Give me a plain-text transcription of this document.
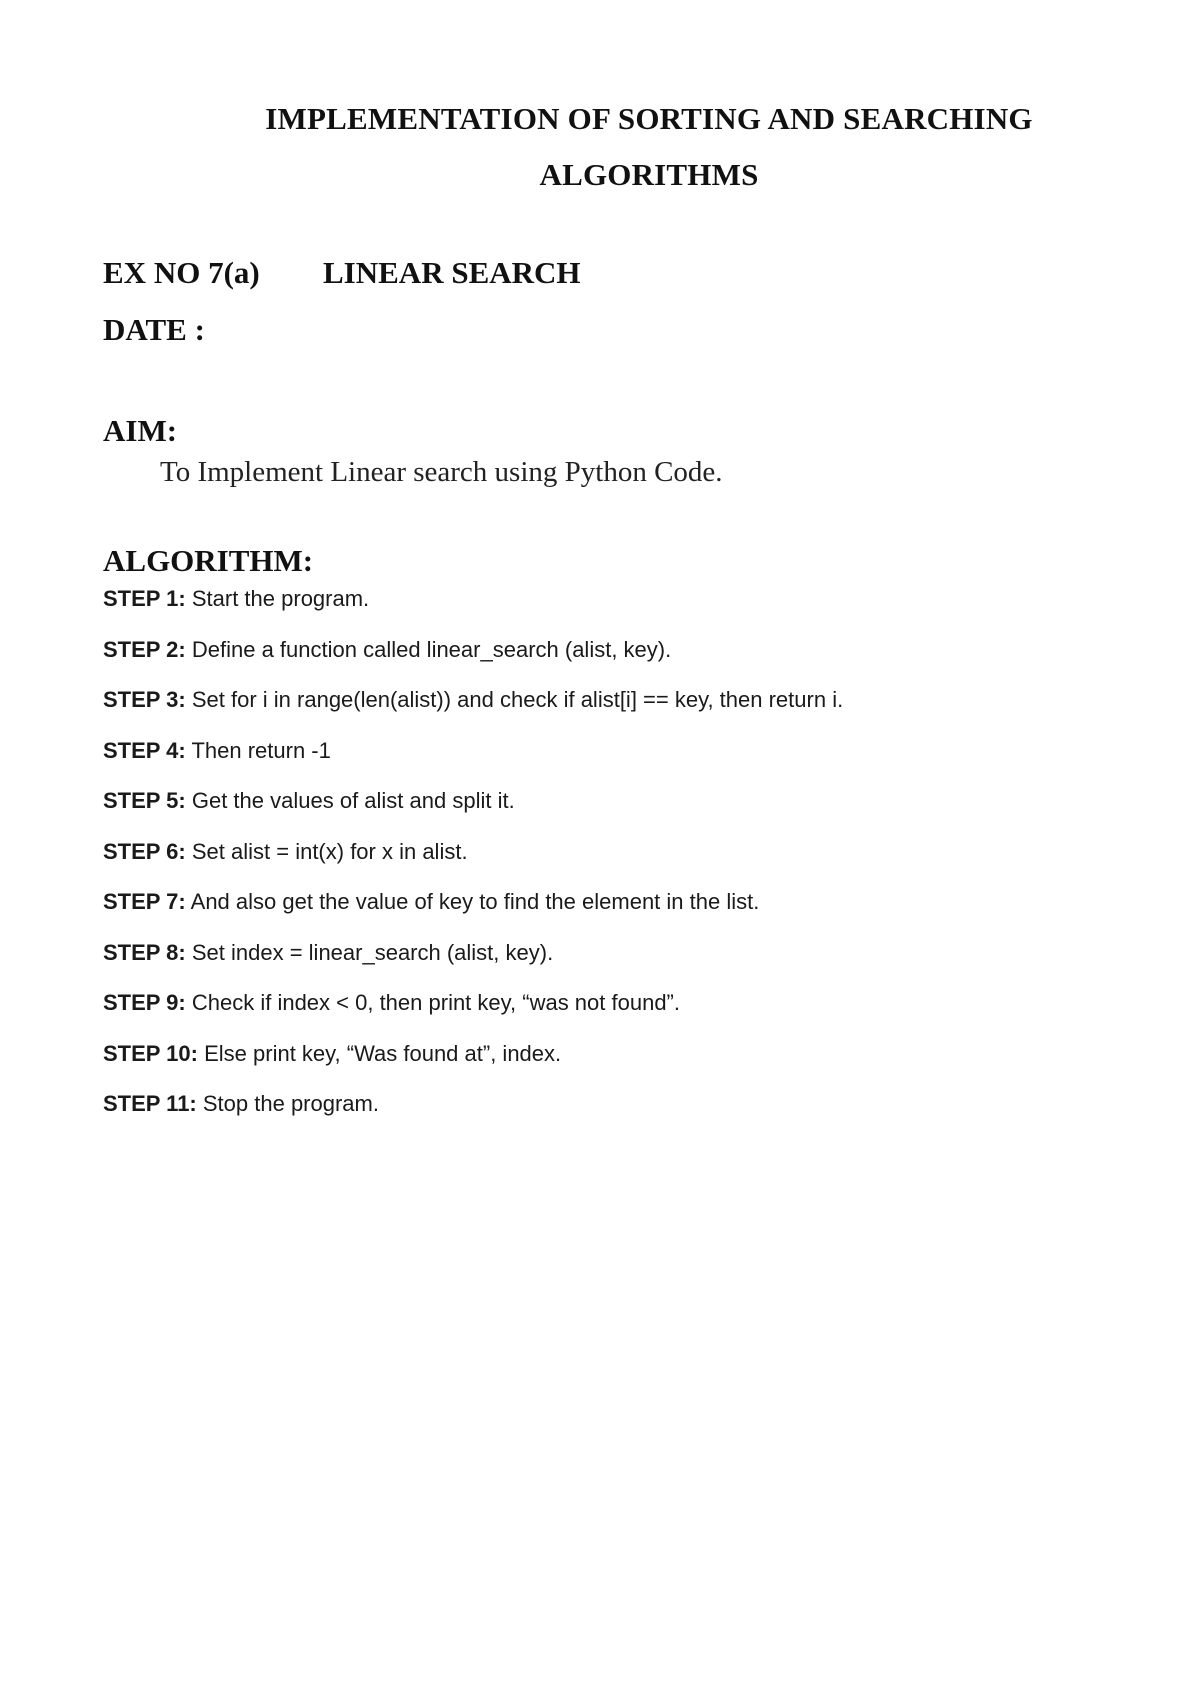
IMPLEMENTATION OF SORTING AND SEARCHING
ALGORITHMS
EX NO 7(a) LINEAR SEARCH
DATE :
AIM:
To Implement Linear search using Python Code.
ALGORITHM:
STEP 1: Start the program.
STEP 2: Define a function called linear_search (alist, key).
STEP 3: Set for i in range(len(alist)) and check if alist[i] == key, then return i.
STEP 4: Then return -1
STEP 5: Get the values of alist and split it.
STEP 6: Set alist = int(x) for x in alist.
STEP 7: And also get the value of key to find the element in the list.
STEP 8: Set index = linear_search (alist, key).
STEP 9: Check if index < 0, then print key, “was not found”.
STEP 10: Else print key, “Was found at”, index.
STEP 11: Stop the program.
